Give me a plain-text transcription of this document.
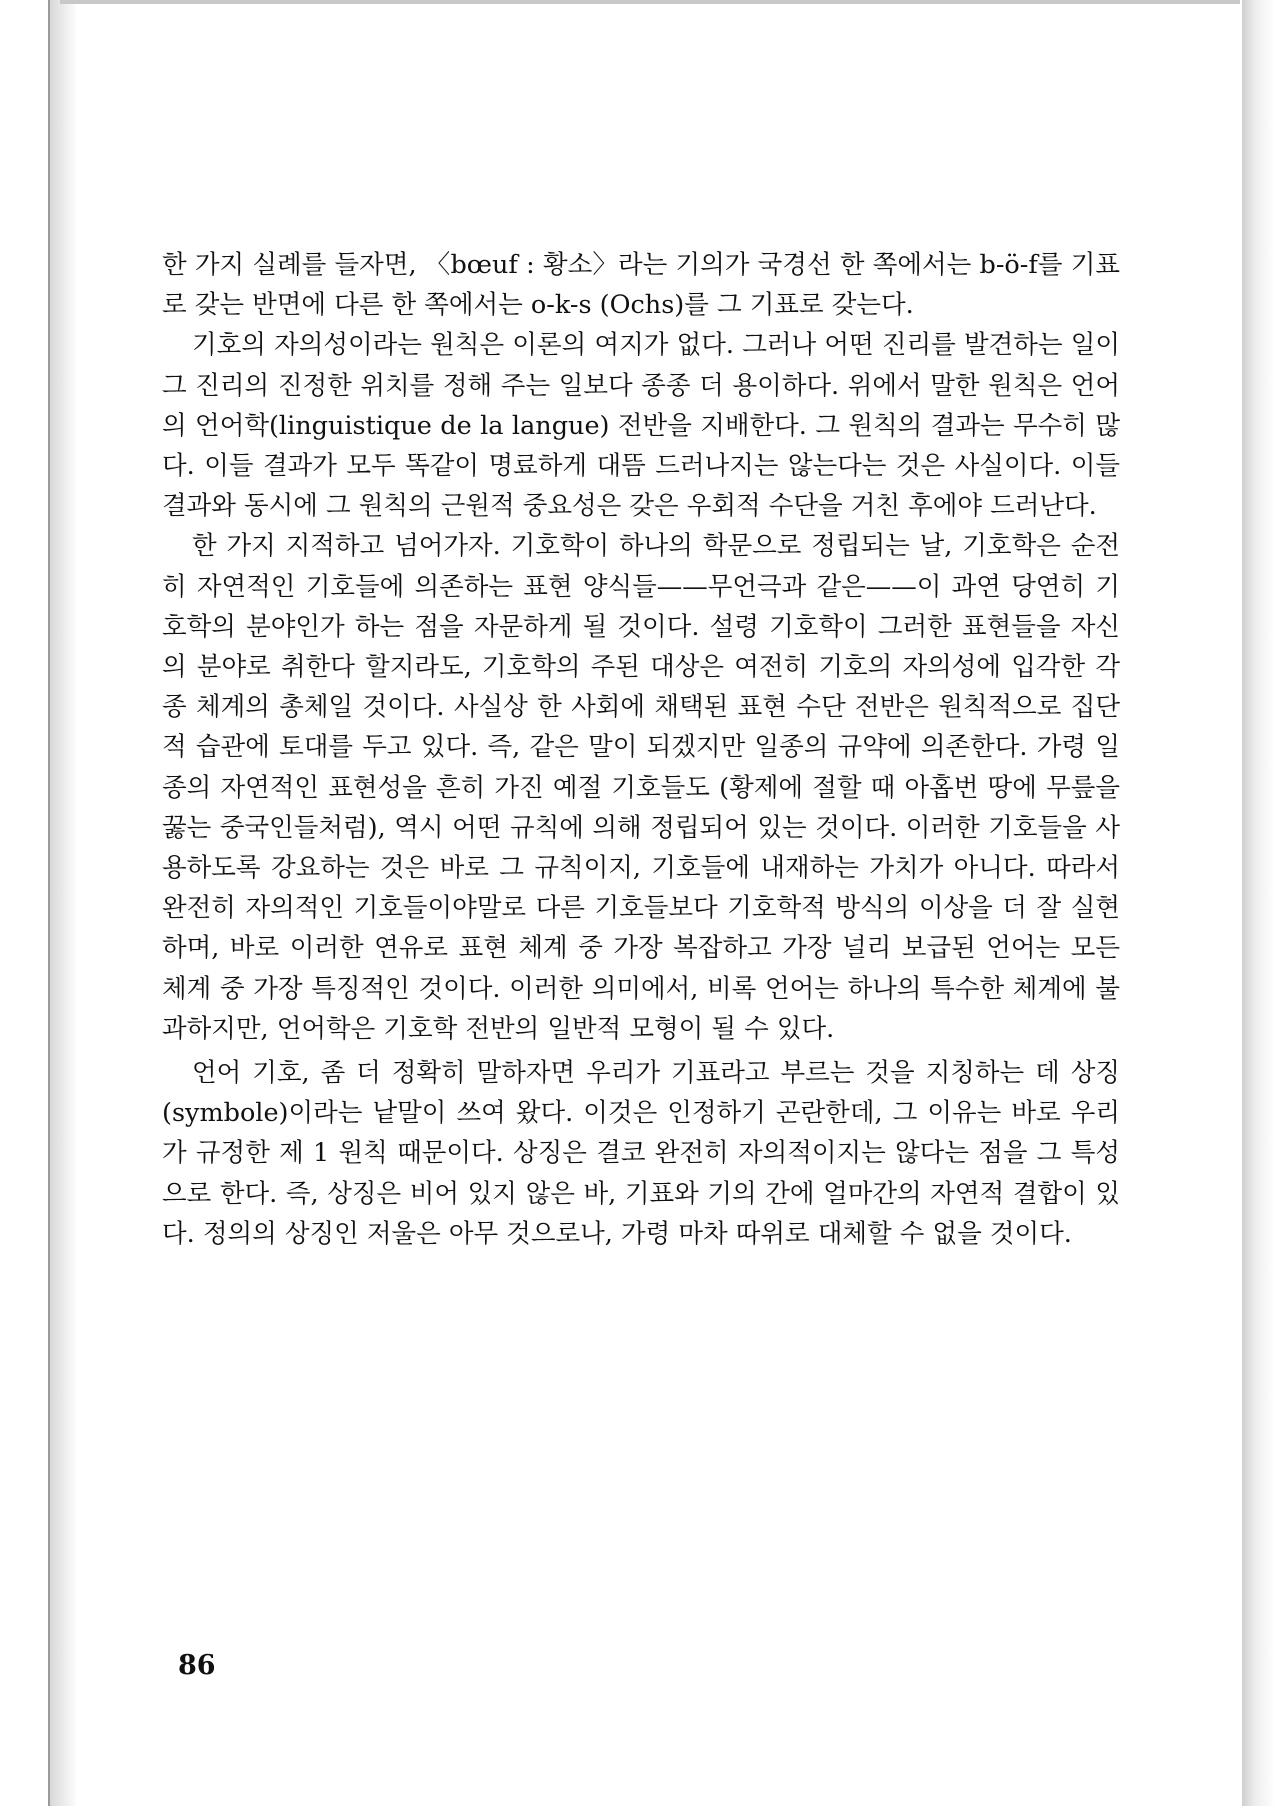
한 가지 실례를 들자면, 〈bœuf : 황소〉라는 기의가 국경선 한 쪽에서는 b-ö-f를 기표로 갖는 반면에 다른 한 쪽에서는 o-k-s (Ochs)를 그 기표로 갖는다.

기호의 자의성이라는 원칙은 이론의 여지가 없다. 그러나 어떤 진리를 발견하는 일이 그 진리의 진정한 위치를 정해 주는 일보다 종종 더 용이하다. 위에서 말한 원칙은 언어의 언어학(linguistique de la langue) 전반을 지배한다. 그 원칙의 결과는 무수히 많다. 이들 결과가 모두 똑같이 명료하게 대뜸 드러나지는 않는다는 것은 사실이다. 이들 결과와 동시에 그 원칙의 근원적 중요성은 갖은 우회적 수단을 거친 후에야 드러난다.

한 가지 지적하고 넘어가자. 기호학이 하나의 학문으로 정립되는 날, 기호학은 순전히 자연적인 기호들에 의존하는 표현 양식들——무언극과 같은——이 과연 당연히 기호학의 분야인가 하는 점을 자문하게 될 것이다. 설령 기호학이 그러한 표현들을 자신의 분야로 취한다 할지라도, 기호학의 주된 대상은 여전히 기호의 자의성에 입각한 각종 체계의 총체일 것이다. 사실상 한 사회에 채택된 표현 수단 전반은 원칙적으로 집단적 습관에 토대를 두고 있다. 즉, 같은 말이 되겠지만 일종의 규약에 의존한다. 가령 일종의 자연적인 표현성을 흔히 가진 예절 기호들도 (황제에 절할 때 아홉번 땅에 무릎을 꿇는 중국인들처럼), 역시 어떤 규칙에 의해 정립되어 있는 것이다. 이러한 기호들을 사용하도록 강요하는 것은 바로 그 규칙이지, 기호들에 내재하는 가치가 아니다. 따라서 완전히 자의적인 기호들이야말로 다른 기호들보다 기호학적 방식의 이상을 더 잘 실현하며, 바로 이러한 연유로 표현 체계 중 가장 복잡하고 가장 널리 보급된 언어는 모든 체계 중 가장 특징적인 것이다. 이러한 의미에서, 비록 언어는 하나의 특수한 체계에 불과하지만, 언어학은 기호학 전반의 일반적 모형이 될 수 있다.

언어 기호, 좀 더 정확히 말하자면 우리가 기표라고 부르는 것을 지칭하는 데 상징(symbole)이라는 낱말이 쓰여 왔다. 이것은 인정하기 곤란한데, 그 이유는 바로 우리가 규정한 제 1 원칙 때문이다. 상징은 결코 완전히 자의적이지는 않다는 점을 그 특성으로 한다. 즉, 상징은 비어 있지 않은 바, 기표와 기의 간에 얼마간의 자연적 결합이 있다. 정의의 상징인 저울은 아무 것으로나, 가령 마차 따위로 대체할 수 없을 것이다.

86
